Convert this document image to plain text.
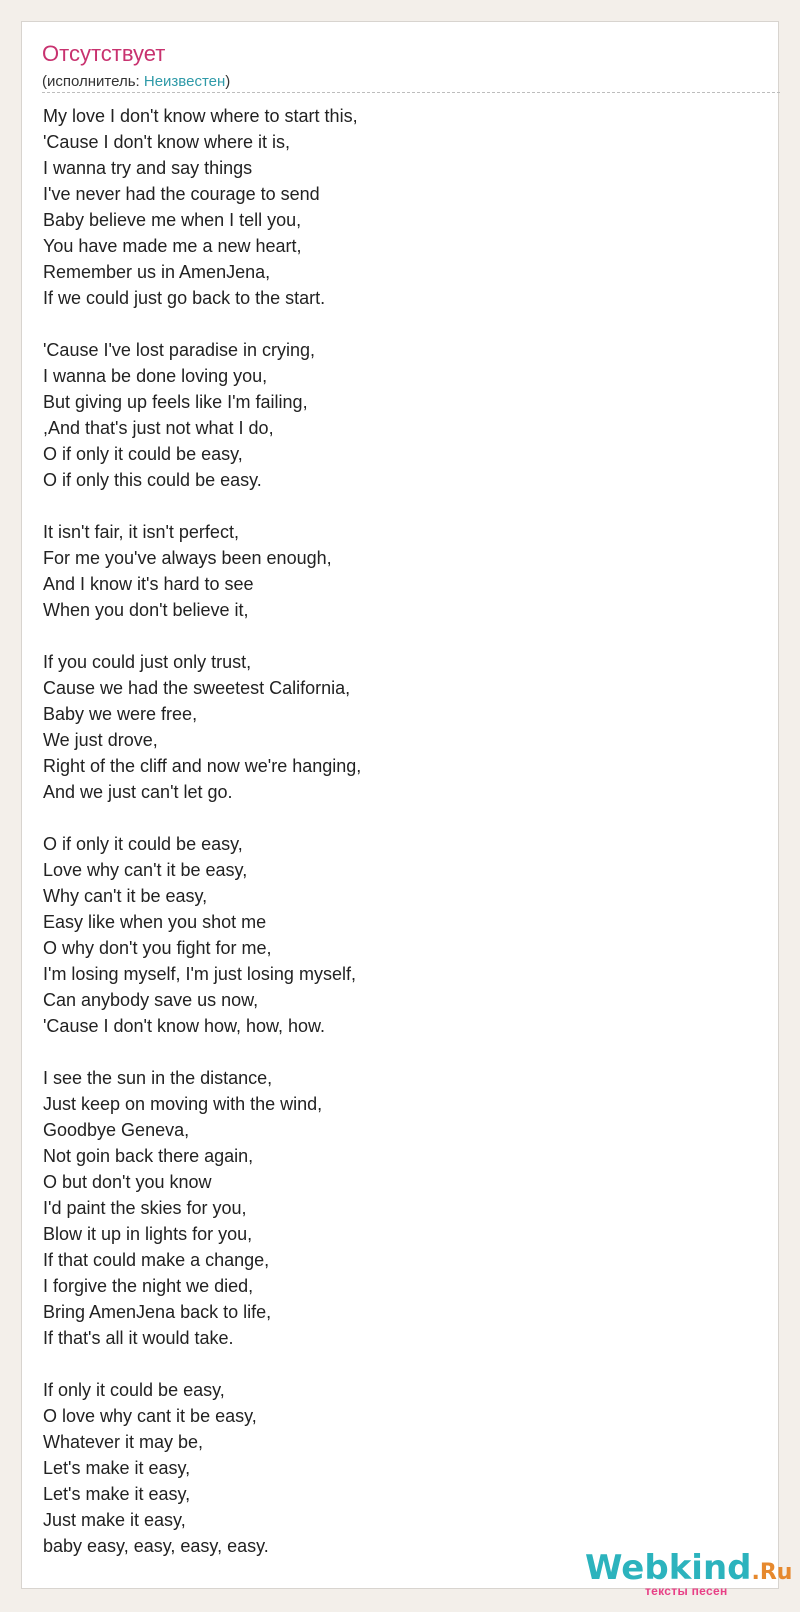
Отсутствует
(исполнитель: Неизвестен)
My love I don't know where to start this,
'Cause I don't know where it is,
I wanna try and say things
I've never had the courage to send
Baby believe me when I tell you,
You have made me a new heart,
Remember us in AmenJena,
If we could just go back to the start.
'Cause I've lost paradise in crying,
I wanna be done loving you,
But giving up feels like I'm failing,
,And that's just not what I do,
O if only it could be easy,
O if only this could be easy.
It isn't fair, it isn't perfect,
For me you've always been enough,
And I know it's hard to see
When you don't believe it,
If you could just only trust,
Cause we had the sweetest California,
Baby we were free,
We just drove,
Right of the cliff and now we're hanging,
And we just can't let go.
O if only it could be easy,
Love why can't it be easy,
Why can't it be easy,
Easy like when you shot me
O why don't you fight for me,
I'm losing myself, I'm just losing myself,
Can anybody save us now,
'Cause I don't know how, how, how.
I see the sun in the distance,
Just keep on moving with the wind,
Goodbye Geneva,
Not goin back there again,
O but don't you know
I'd paint the skies for you,
Blow it up in lights for you,
If that could make a change,
I forgive the night we died,
Bring AmenJena back to life,
If that's all it would take.
If only it could be easy,
O love why cant it be easy,
Whatever it may be,
Let's make it easy,
Let's make it easy,
Just make it easy,
baby easy, easy, easy, easy.
Webkind.Ru
тексты песен
